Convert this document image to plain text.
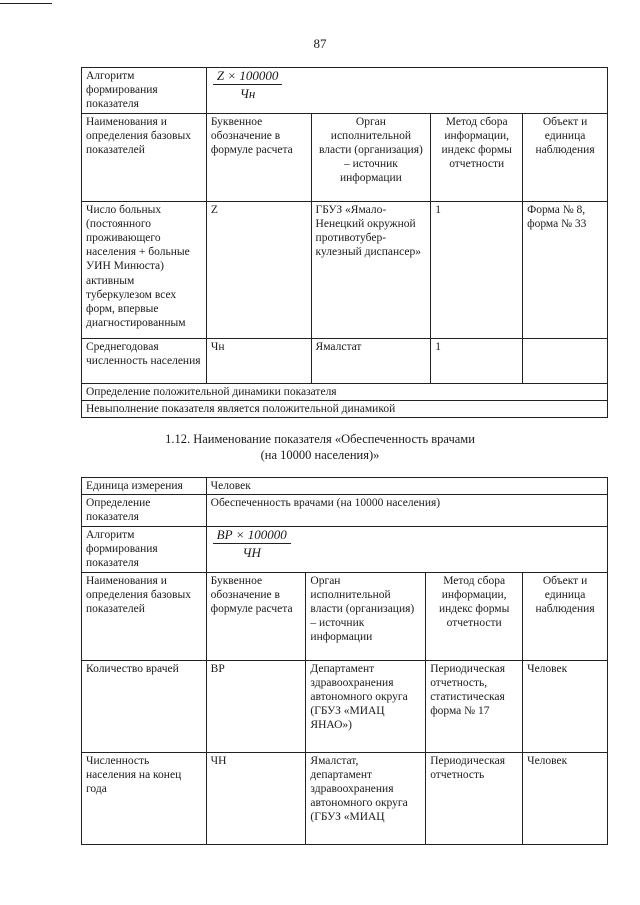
87
Алгоритм формирования показателя	$\frac{Z \times 100000}{Чн}$

Наименования и определения базовых показателей	Буквенное обозначение в формуле расчета	Орган исполнительной власти (организация) – источник информации	Метод сбора информации, индекс формы отчетности	Объект и единица наблюдения
Число больных (постоянного проживающего населения + больные УИН Минюста) активным туберкулезом всех форм, впервые диагностированным	Z	ГБУЗ «Ямало-Ненецкий окружной противотубер-кулезный диспансер»	1	Форма № 8, форма № 33
Среднегодовая численность населения	Чн	Ямалстат	1	
Определение положительной динамики показателя				
Невыполнение показателя является положительной динамикой				
1.12. Наименование показателя «Обеспеченность врачами
(на 10000 населения)»
Единица измерения	Человек			
Определение показателя	Обеспеченность врачами (на 10000 населения)			
Алгоритм формирования показателя	$\frac{ВР \times 100000}{ЧН}$

Наименования и определения базовых показателей	Буквенное обозначение в формуле расчета	Орган исполнительной власти (организация) – источник информации	Метод сбора информации, индекс формы отчетности	Объект и единица наблюдения
Количество врачей	ВР	Департамент здравоохранения автономного округа (ГБУЗ «МИАЦ ЯНАО»)	Периодическая отчетность, статистическая форма № 17	Человек
Численность населения на конец года	ЧН	Ямалстат, департамент здравоохранения автономного округа (ГБУЗ «МИАЦ	Периодическая отчетность	Человек
